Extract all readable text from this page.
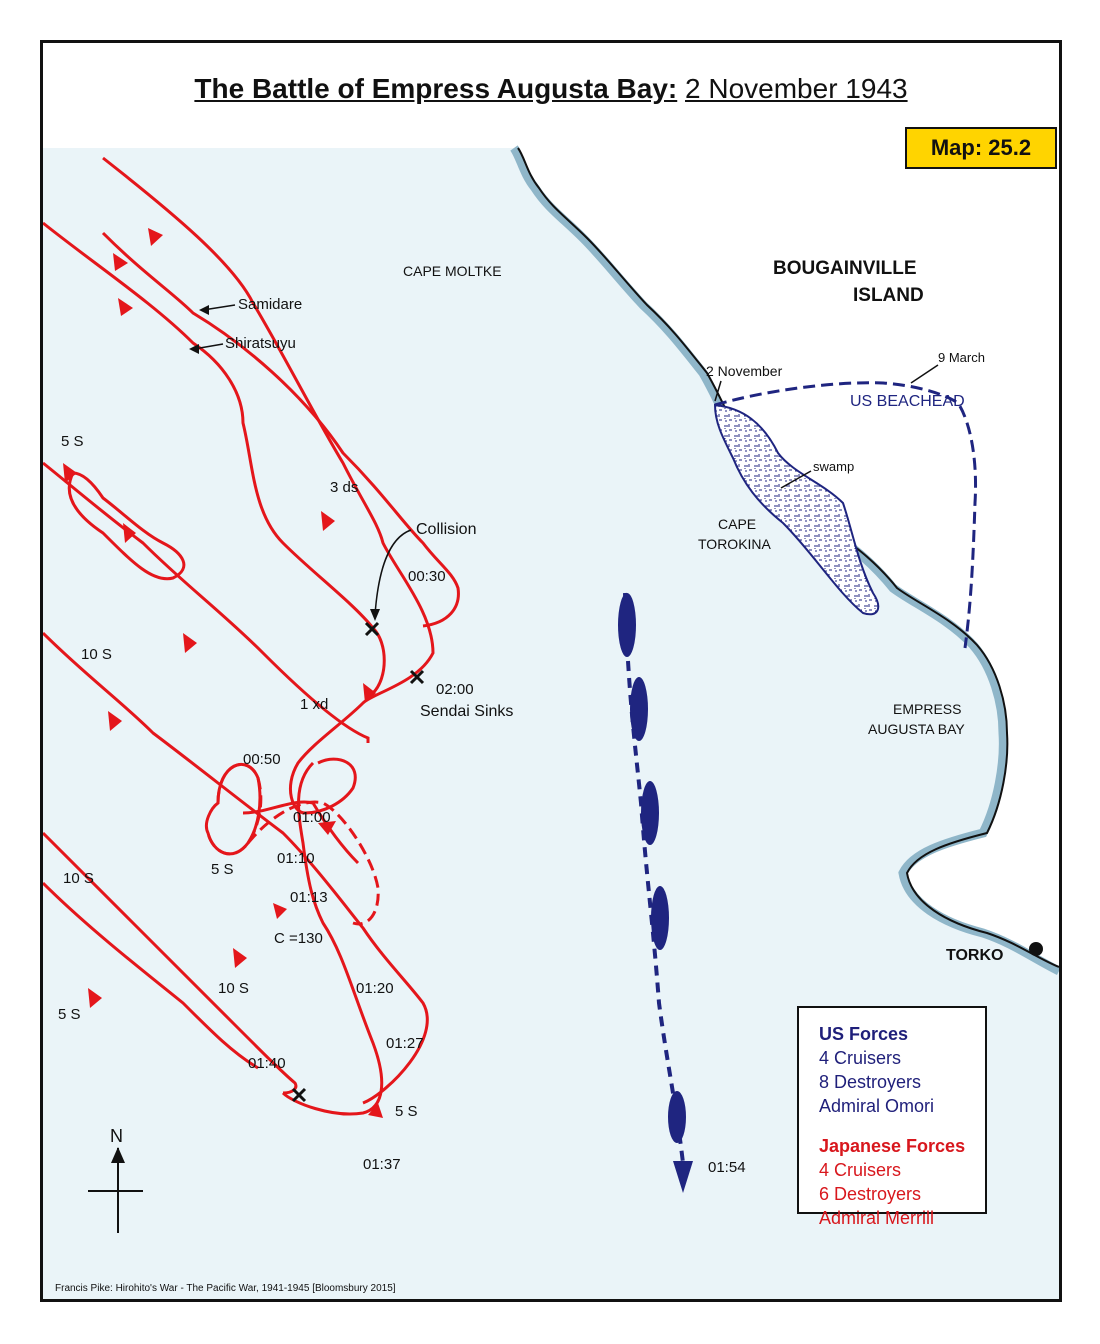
The Battle of Empress Augusta Bay: 2 November 1943
Map: 25.2
CAPE MOLTKE	BOUGAINVILLE
ISLAND
US BEACHEAD
2 November
9 March
swamp
CAPE
TOROKINA
EMPRESS
AUGUSTA BAY
TORKO
Samidare
Shiratsuyu
Collision
02:00
Sendai Sinks
3 ds
1 xd
5 S
10 S
10 S
5 S
5 S
10 S
5 S
C =130
00:30
00:50
01:00
01:10
01:13
01:20
01:27
01:37
01:40
01:54
N
US Forces
4 Cruisers
8 Destroyers
Admiral Omori
Japanese Forces
4 Cruisers
6 Destroyers
Admiral Merrill
Francis Pike: Hirohito's War - The Pacific War, 1941-1945 [Bloomsbury 2015]
